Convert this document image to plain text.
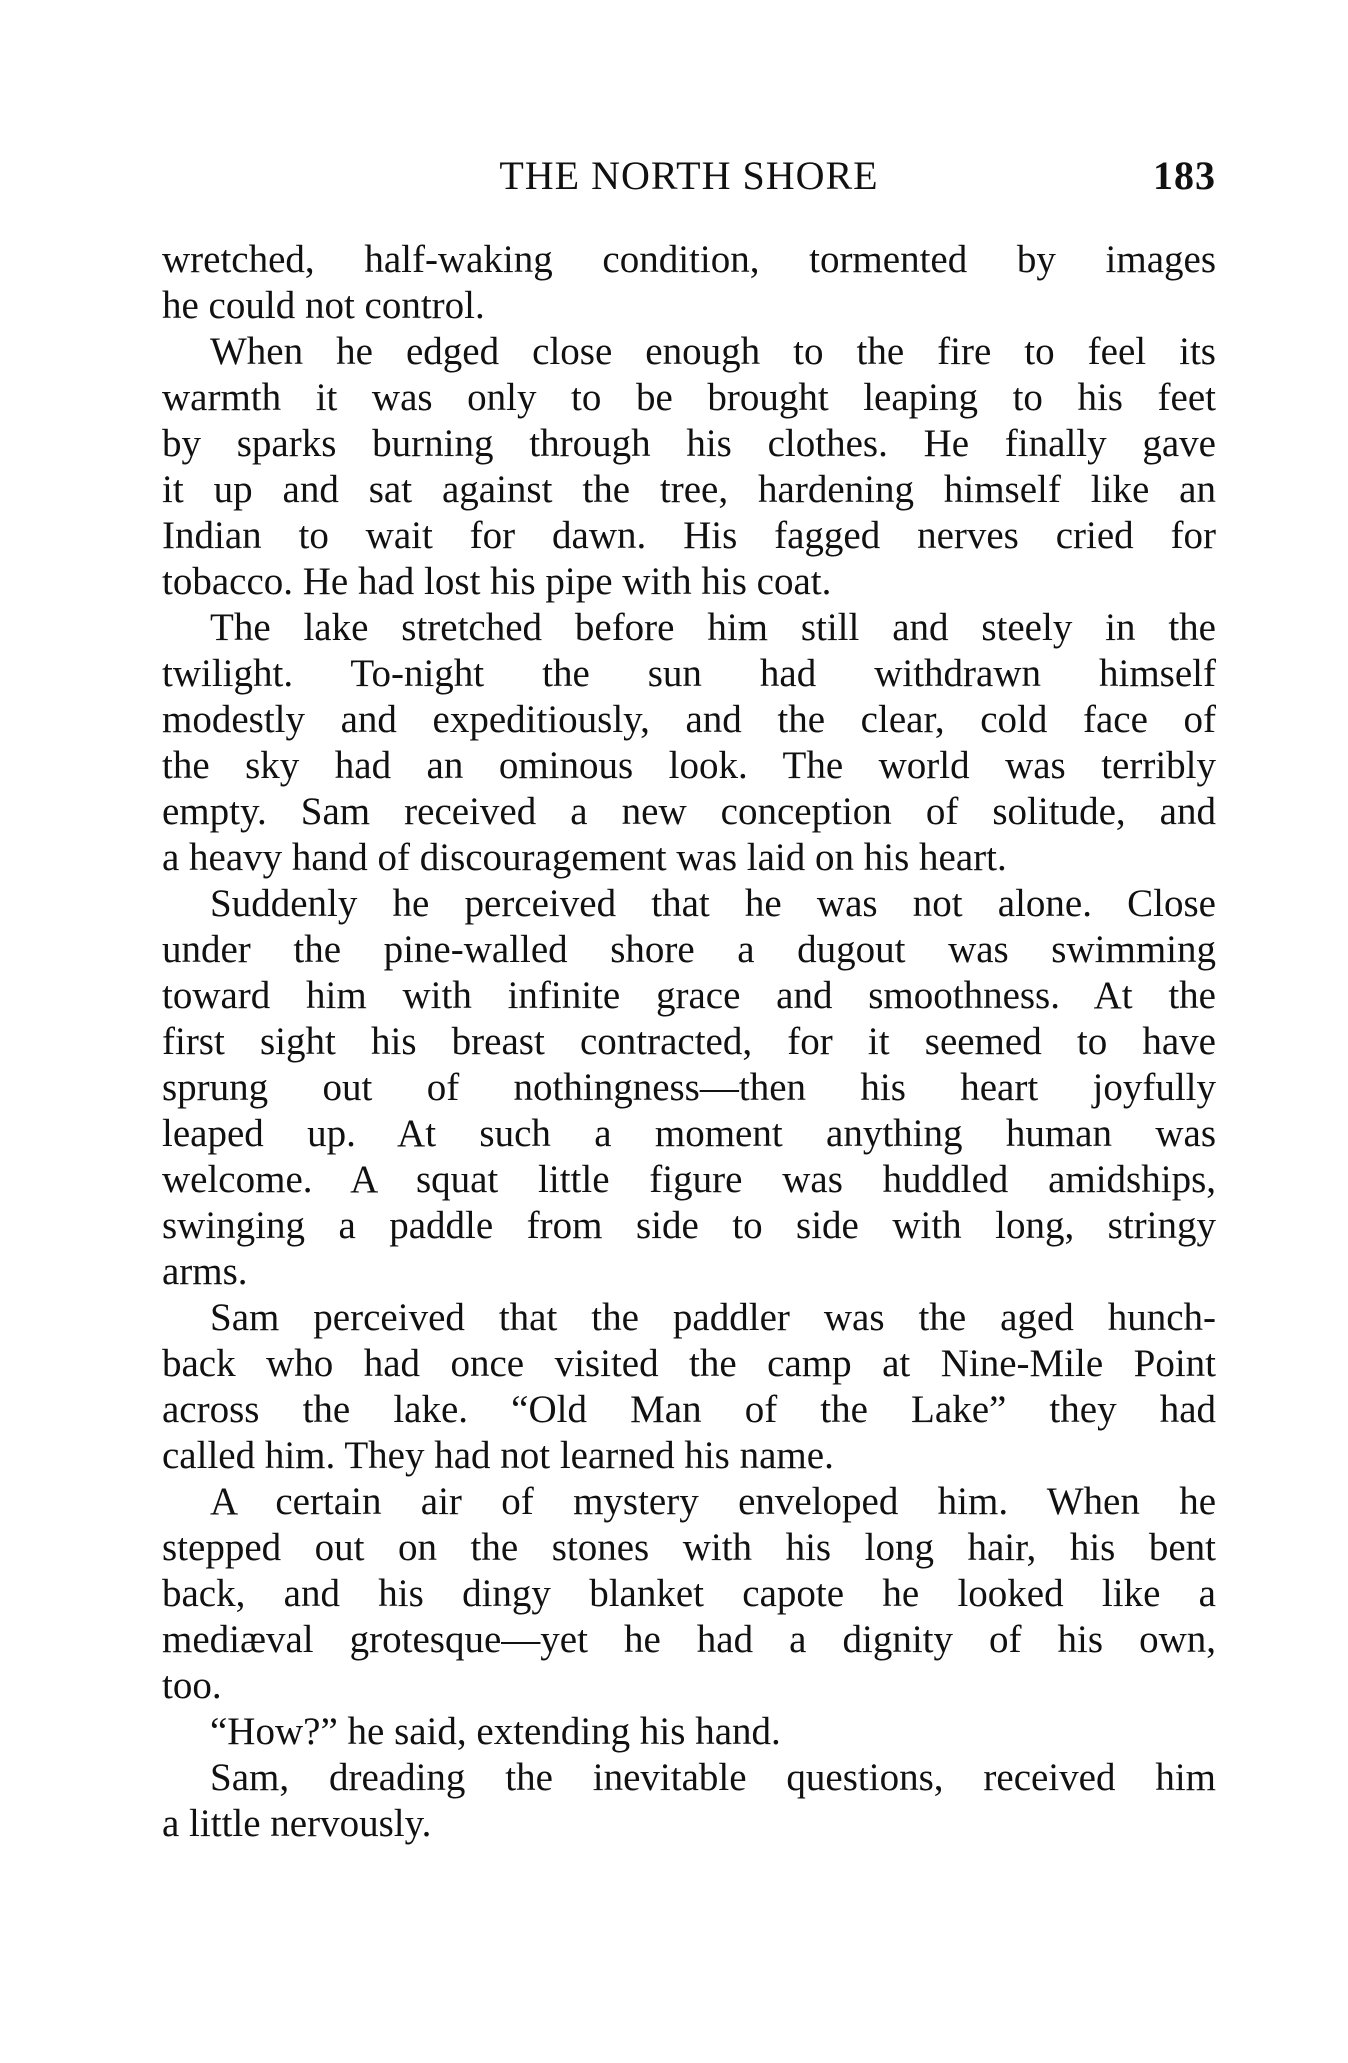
THE NORTH SHORE	183
wretched, half-waking condition, tormented by images
he could not control.
When he edged close enough to the fire to feel its
warmth it was only to be brought leaping to his feet
by sparks burning through his clothes. He finally gave
it up and sat against the tree, hardening himself like an
Indian to wait for dawn. His fagged nerves cried for
tobacco. He had lost his pipe with his coat.
The lake stretched before him still and steely in the
twilight. To-night the sun had withdrawn himself
modestly and expeditiously, and the clear, cold face of
the sky had an ominous look. The world was terribly
empty. Sam received a new conception of solitude, and
a heavy hand of discouragement was laid on his heart.
Suddenly he perceived that he was not alone. Close
under the pine-walled shore a dugout was swimming
toward him with infinite grace and smoothness. At the
first sight his breast contracted, for it seemed to have
sprung out of nothingness—then his heart joyfully
leaped up. At such a moment anything human was
welcome. A squat little figure was huddled amidships,
swinging a paddle from side to side with long, stringy
arms.
Sam perceived that the paddler was the aged hunch-
back who had once visited the camp at Nine-Mile Point
across the lake. “Old Man of the Lake” they had
called him. They had not learned his name.
A certain air of mystery enveloped him. When he
stepped out on the stones with his long hair, his bent
back, and his dingy blanket capote he looked like a
mediæval grotesque—yet he had a dignity of his own,
too.
“How?” he said, extending his hand.
Sam, dreading the inevitable questions, received him
a little nervously.
